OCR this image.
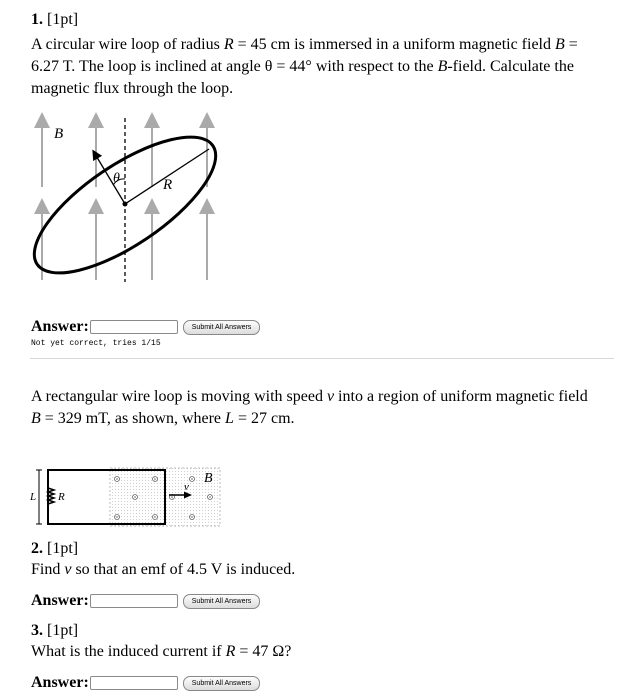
1. [1pt]
A circular wire loop of radius R = 45 cm is immersed in a uniform magnetic field B =
6.27 T. The loop is inclined at angle θ = 44° with respect to the B-field. Calculate the
magnetic flux through the loop.
B
θ	R
Answer:	Submit All Answers
Not yet correct, tries 1/15
A rectangular wire loop is moving with speed v into a region of uniform magnetic field
B = 329 mT, as shown, where L = 27 cm.
L R
v
B
2. [1pt]
Find v so that an emf of 4.5 V is induced.
Answer:	Submit All Answers
3. [1pt]
What is the induced current if R = 47 Ω?
Answer:	Submit All Answers
